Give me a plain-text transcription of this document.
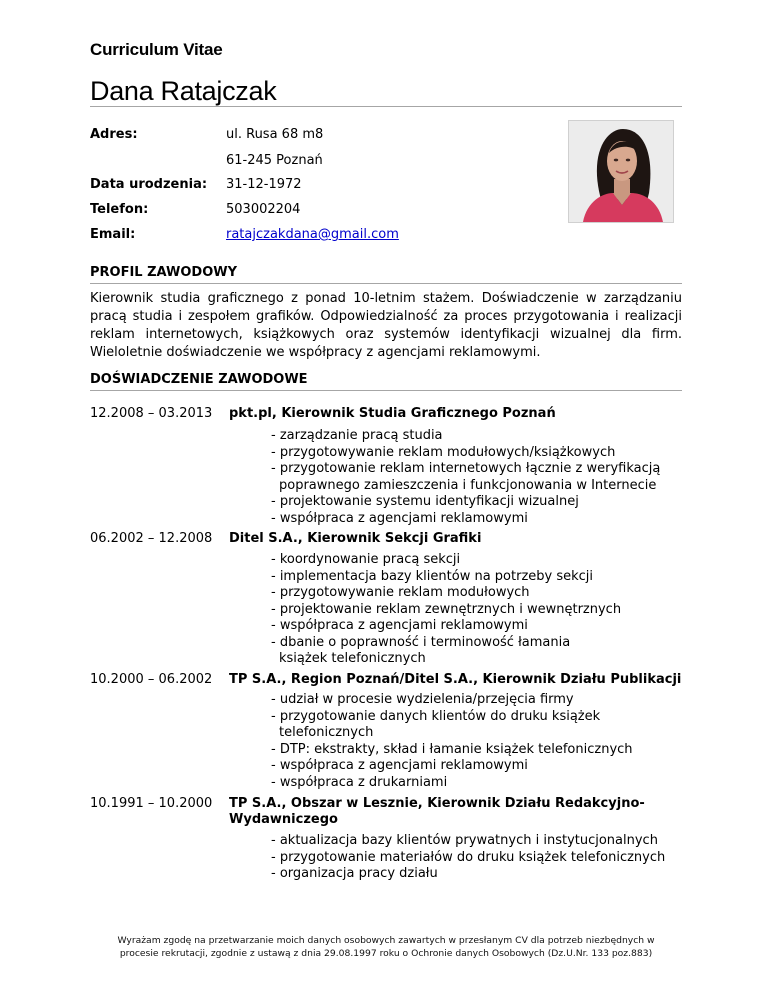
Curriculum Vitae
Dana Ratajczak
Adres:	ul. Rusa 68 m8
61-245 Poznań
Data urodzenia: 31-12-1972
Telefon:	503002204
Email:	ratajczakdana@gmail.com
PROFIL ZAWODOWY
Kierownik studia graficznego z ponad 10-letnim stażem. Doświadczenie w zarządzaniu
pracą studia i zespołem grafików. Odpowiedzialność za proces przygotowania i realizacji
reklam internetowych, książkowych oraz systemów identyfikacji wizualnej dla firm.
Wieloletnie doświadczenie we współpracy z agencjami reklamowymi.
DOŚWIADCZENIE ZAWODOWE
12.2008 – 03.2013 pkt.pl, Kierownik Studia Graficznego Poznań
- zarządzanie pracą studia
- przygotowywanie reklam modułowych/książkowych
- przygotowanie reklam internetowych łącznie z weryfikacją
poprawnego zamieszczenia i funkcjonowania w Internecie
- projektowanie systemu identyfikacji wizualnej
- współpraca z agencjami reklamowymi
06.2002 – 12.2008 Ditel S.A., Kierownik Sekcji Grafiki
- koordynowanie pracą sekcji
- implementacja bazy klientów na potrzeby sekcji
- przygotowywanie reklam modułowych
- projektowanie reklam zewnętrznych i wewnętrznych
- współpraca z agencjami reklamowymi
- dbanie o poprawność i terminowość łamania
książek telefonicznych
10.2000 – 06.2002 TP S.A., Region Poznań/Ditel S.A., Kierownik Działu Publikacji
- udział w procesie wydzielenia/przejęcia firmy
- przygotowanie danych klientów do druku książek
telefonicznych
- DTP: ekstrakty, skład i łamanie książek telefonicznych
- współpraca z agencjami reklamowymi
- współpraca z drukarniami
10.1991 – 10.2000 TP S.A., Obszar w Lesznie, Kierownik Działu Redakcyjno-
Wydawniczego
- aktualizacja bazy klientów prywatnych i instytucjonalnych
- przygotowanie materiałów do druku książek telefonicznych
- organizacja pracy działu
Wyrażam zgodę na przetwarzanie moich danych osobowych zawartych w przesłanym CV dla potrzeb niezbędnych w
procesie rekrutacji, zgodnie z ustawą z dnia 29.08.1997 roku o Ochronie danych Osobowych (Dz.U.Nr. 133 poz.883)
